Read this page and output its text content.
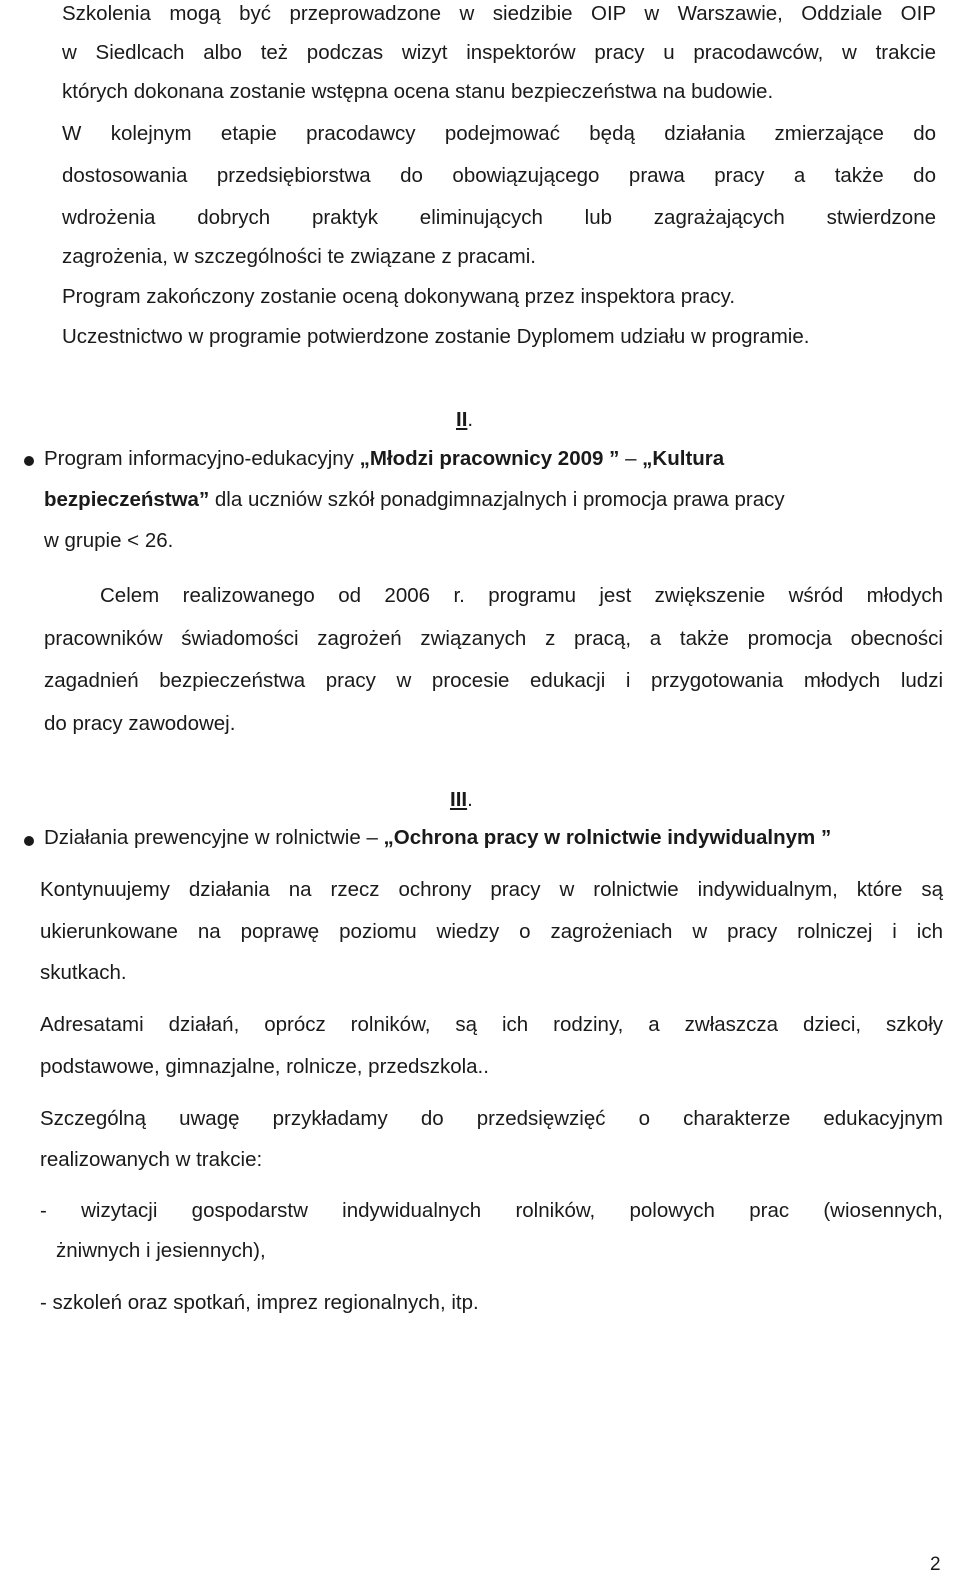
Szkolenia mogą być przeprowadzone w siedzibie OIP w Warszawie, Oddziale OIP

w Siedlcach albo też podczas wizyt inspektorów pracy u pracodawców, w trakcie

których dokonana zostanie wstępna ocena stanu bezpieczeństwa na budowie.

W kolejnym etapie pracodawcy podejmować będą działania zmierzające do

dostosowania przedsiębiorstwa do obowiązującego prawa pracy a także do

wdrożenia dobrych praktyk eliminujących lub zagrażających stwierdzone

zagrożenia, w szczególności te związane z pracami.

Program zakończony zostanie oceną dokonywaną przez inspektora pracy.

Uczestnictwo w programie potwierdzone zostanie Dyplomem udziału w programie.

II.

Program informacyjno-edukacyjny „Młodzi pracownicy 2009 ” – „Kultura

bezpieczeństwa” dla uczniów szkół ponadgimnazjalnych i promocja prawa pracy

w grupie < 26.

Celem realizowanego od 2006 r. programu jest zwiększenie wśród młodych

pracowników świadomości zagrożeń związanych z pracą, a także promocja obecności

zagadnień bezpieczeństwa pracy w procesie edukacji i przygotowania młodych ludzi

do pracy zawodowej.

III.

Działania prewencyjne w rolnictwie – „Ochrona pracy w rolnictwie indywidualnym ”

Kontynuujemy działania na rzecz ochrony pracy w rolnictwie indywidualnym, które są

ukierunkowane na poprawę poziomu wiedzy o zagrożeniach w pracy rolniczej i ich

skutkach.

Adresatami działań, oprócz rolników, są ich rodziny, a zwłaszcza dzieci, szkoły

podstawowe, gimnazjalne, rolnicze, przedszkola..

Szczególną uwagę przykładamy do przedsięwzięć o charakterze edukacyjnym

realizowanych w trakcie:

- wizytacji gospodarstw indywidualnych rolników, polowych prac (wiosennych,

żniwnych i jesiennych),

- szkoleń oraz spotkań, imprez regionalnych, itp.

2
